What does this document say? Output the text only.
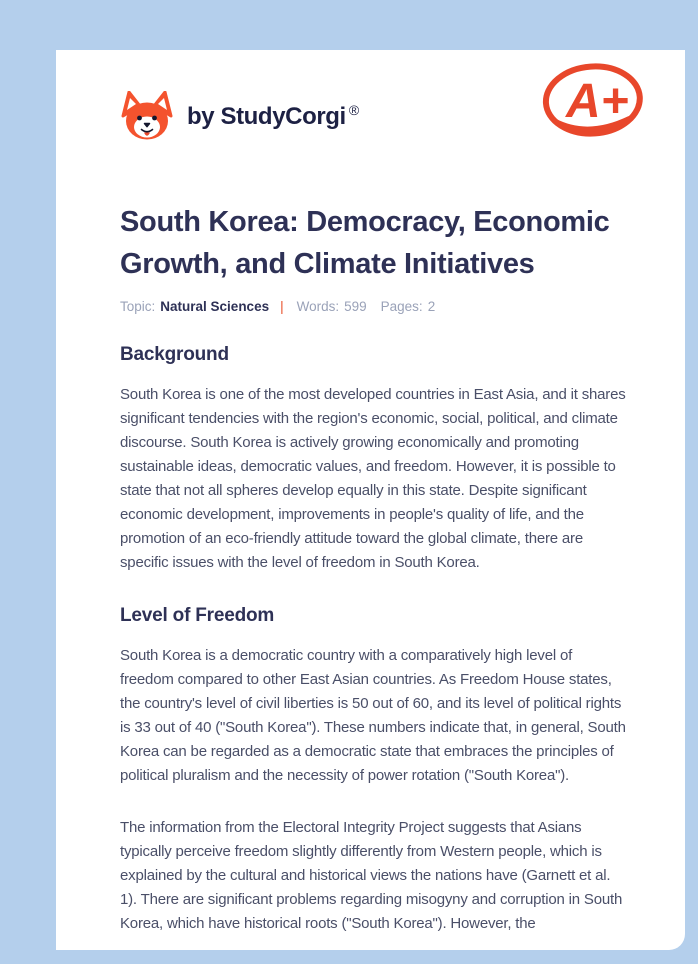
by StudyCorgi ®	A+
South Korea: Democracy, Economic Growth, and Climate Initiatives
Topic: Natural Sciences | Words: 599 Pages: 2
Background

South Korea is one of the most developed countries in East Asia, and it shares significant tendencies with the region's economic, social, political, and climate discourse. South Korea is actively growing economically and promoting sustainable ideas, democratic values, and freedom. However, it is possible to state that not all spheres develop equally in this state. Despite significant economic development, improvements in people's quality of life, and the promotion of an eco-friendly attitude toward the global climate, there are specific issues with the level of freedom in South Korea.

Level of Freedom

South Korea is a democratic country with a comparatively high level of freedom compared to other East Asian countries. As Freedom House states, the country's level of civil liberties is 50 out of 60, and its level of political rights is 33 out of 40 ("South Korea"). These numbers indicate that, in general, South Korea can be regarded as a democratic state that embraces the principles of political pluralism and the necessity of power rotation ("South Korea").

The information from the Electoral Integrity Project suggests that Asians typically perceive freedom slightly differently from Western people, which is explained by the cultural and historical views the nations have (Garnett et al. 1). There are significant problems regarding misogyny and corruption in South Korea, which have historical roots ("South Korea"). However, the
